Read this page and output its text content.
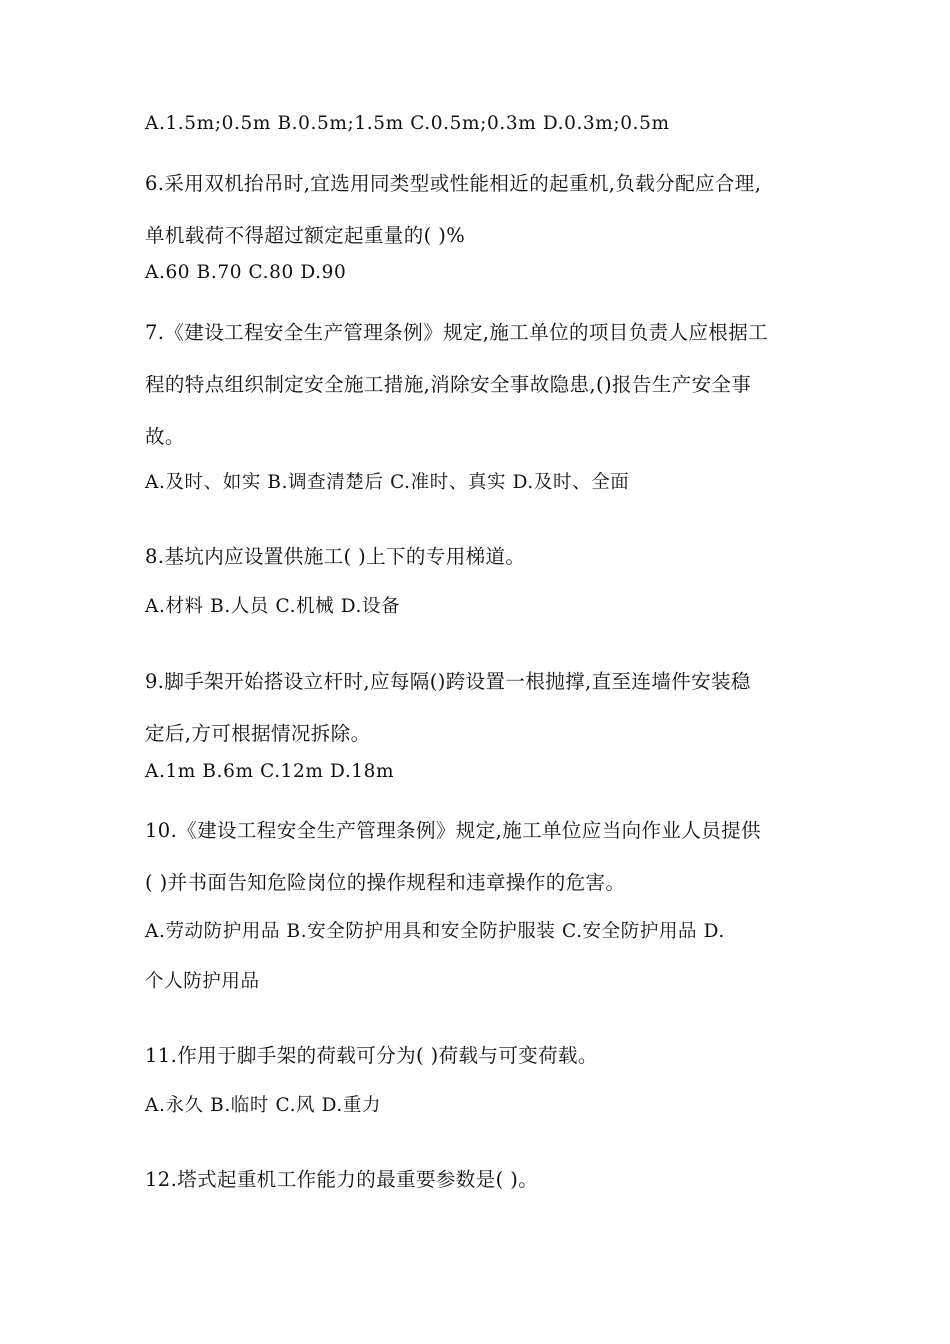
A.1.5m;0.5m B.0.5m;1.5m C.0.5m;0.3m D.0.3m;0.5m
6.采用双机抬吊时,宜选用同类型或性能相近的起重机,负载分配应合理,
单机载荷不得超过额定起重量的( )%
A.60 B.70 C.80 D.90
7.《建设工程安全生产管理条例》规定,施工单位的项目负责人应根据工
程的特点组织制定安全施工措施,消除安全事故隐患,()报告生产安全事
故。
A.及时、如实 B.调查清楚后 C.准时、真实 D.及时、全面
8.基坑内应设置供施工( )上下的专用梯道。
A.材料 B.人员 C.机械 D.设备
9.脚手架开始搭设立杆时,应每隔()跨设置一根抛撑,直至连墙件安装稳
定后,方可根据情况拆除。
A.1m B.6m C.12m D.18m
10.《建设工程安全生产管理条例》规定,施工单位应当向作业人员提供
( )并书面告知危险岗位的操作规程和违章操作的危害。
A.劳动防护用品 B.安全防护用具和安全防护服装 C.安全防护用品 D.
个人防护用品
11.作用于脚手架的荷载可分为( )荷载与可变荷载。
A.永久 B.临时 C.风 D.重力
12.塔式起重机工作能力的最重要参数是( )。
